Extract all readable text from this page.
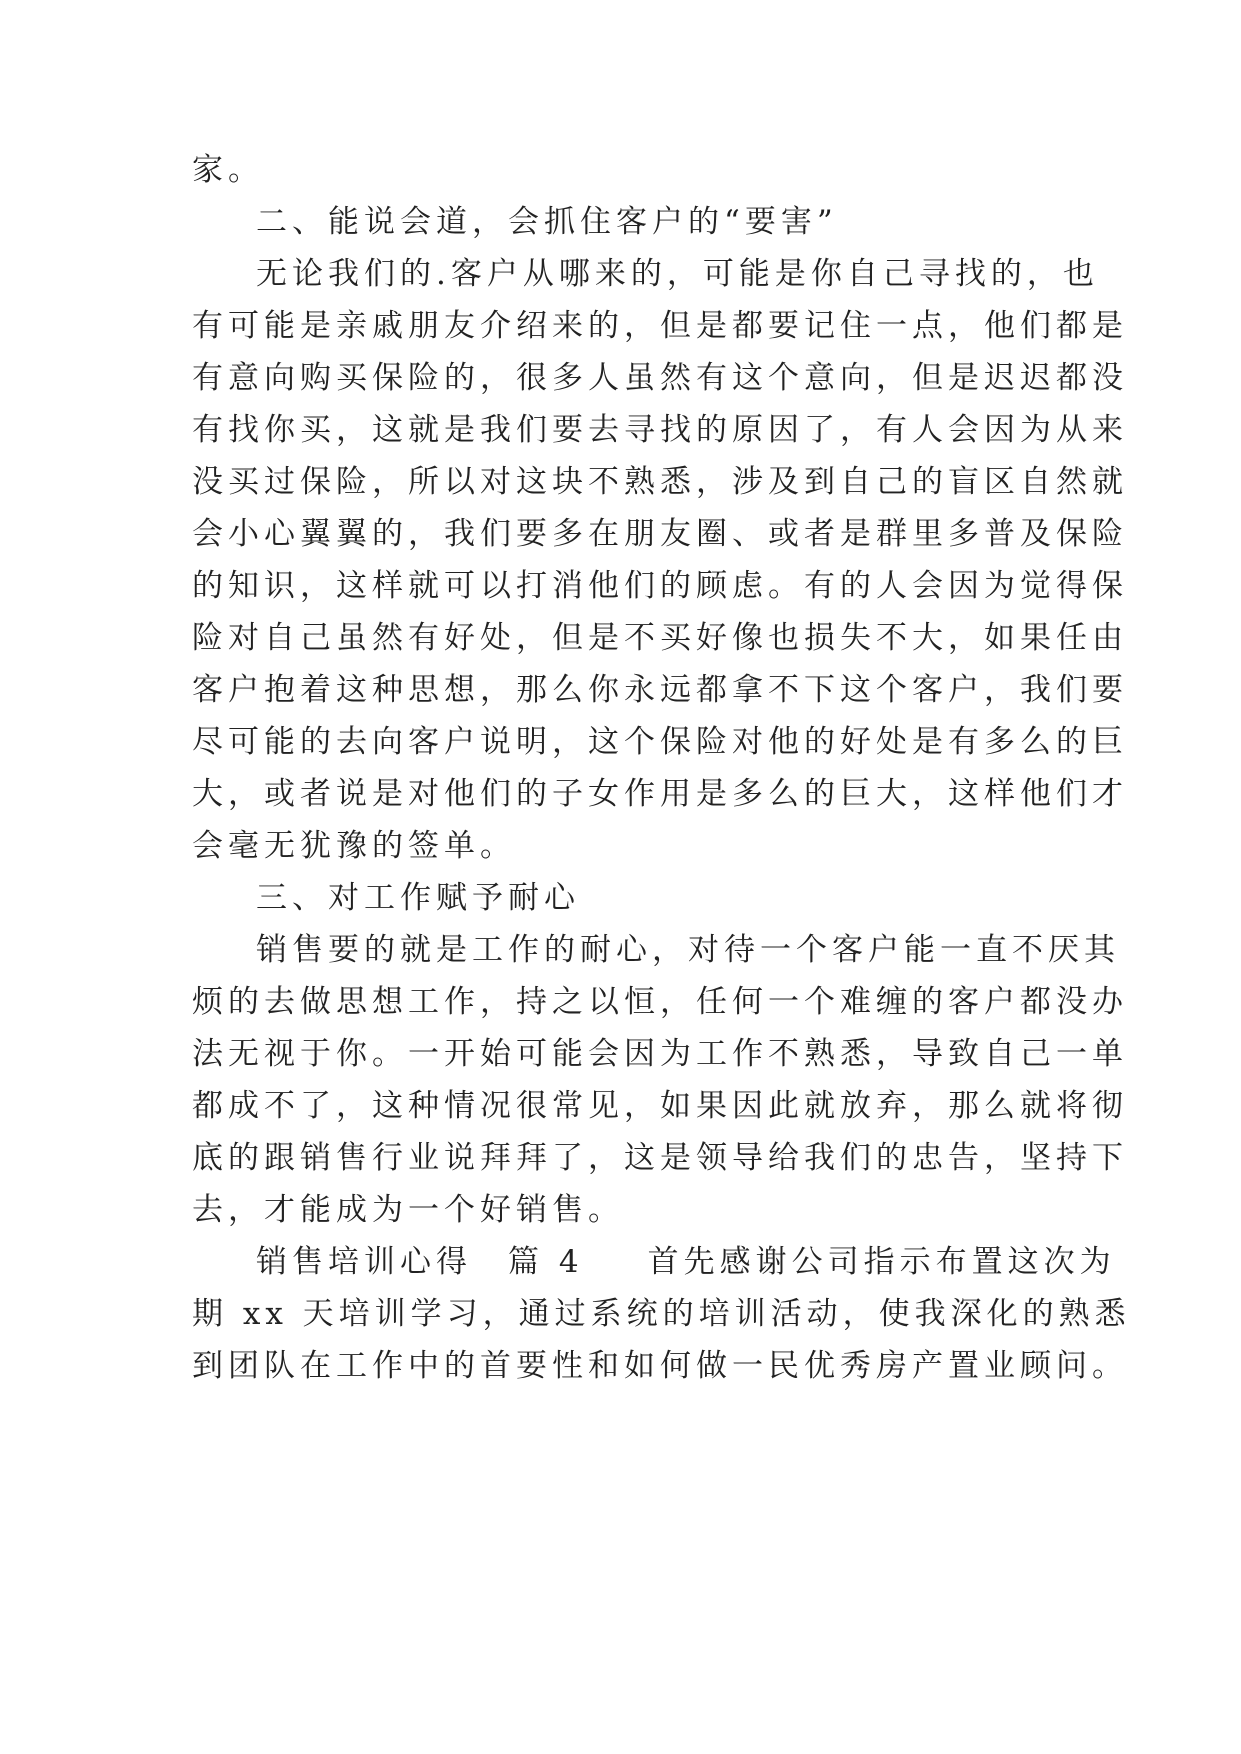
家。

二、能说会道，会抓住客户的“要害”

无论我们的.客户从哪来的，可能是你自己寻找的，也

有可能是亲戚朋友介绍来的，但是都要记住一点，他们都是

有意向购买保险的，很多人虽然有这个意向，但是迟迟都没

有找你买，这就是我们要去寻找的原因了，有人会因为从来

没买过保险，所以对这块不熟悉，涉及到自己的盲区自然就

会小心翼翼的，我们要多在朋友圈、或者是群里多普及保险

的知识，这样就可以打消他们的顾虑。有的人会因为觉得保

险对自己虽然有好处，但是不买好像也损失不大，如果任由

客户抱着这种思想，那么你永远都拿不下这个客户，我们要

尽可能的去向客户说明，这个保险对他的好处是有多么的巨

大，或者说是对他们的子女作用是多么的巨大，这样他们才

会毫无犹豫的签单。

三、对工作赋予耐心

销售要的就是工作的耐心，对待一个客户能一直不厌其

烦的去做思想工作，持之以恒，任何一个难缠的客户都没办

法无视于你。一开始可能会因为工作不熟悉，导致自己一单

都成不了，这种情况很常见，如果因此就放弃，那么就将彻

底的跟销售行业说拜拜了，这是领导给我们的忠告，坚持下

去，才能成为一个好销售。

销售培训心得　篇 4 首先感谢公司指示布置这次为

期 xx 天培训学习，通过系统的培训活动，使我深化的熟悉

到团队在工作中的首要性和如何做一民优秀房产置业顾问。
